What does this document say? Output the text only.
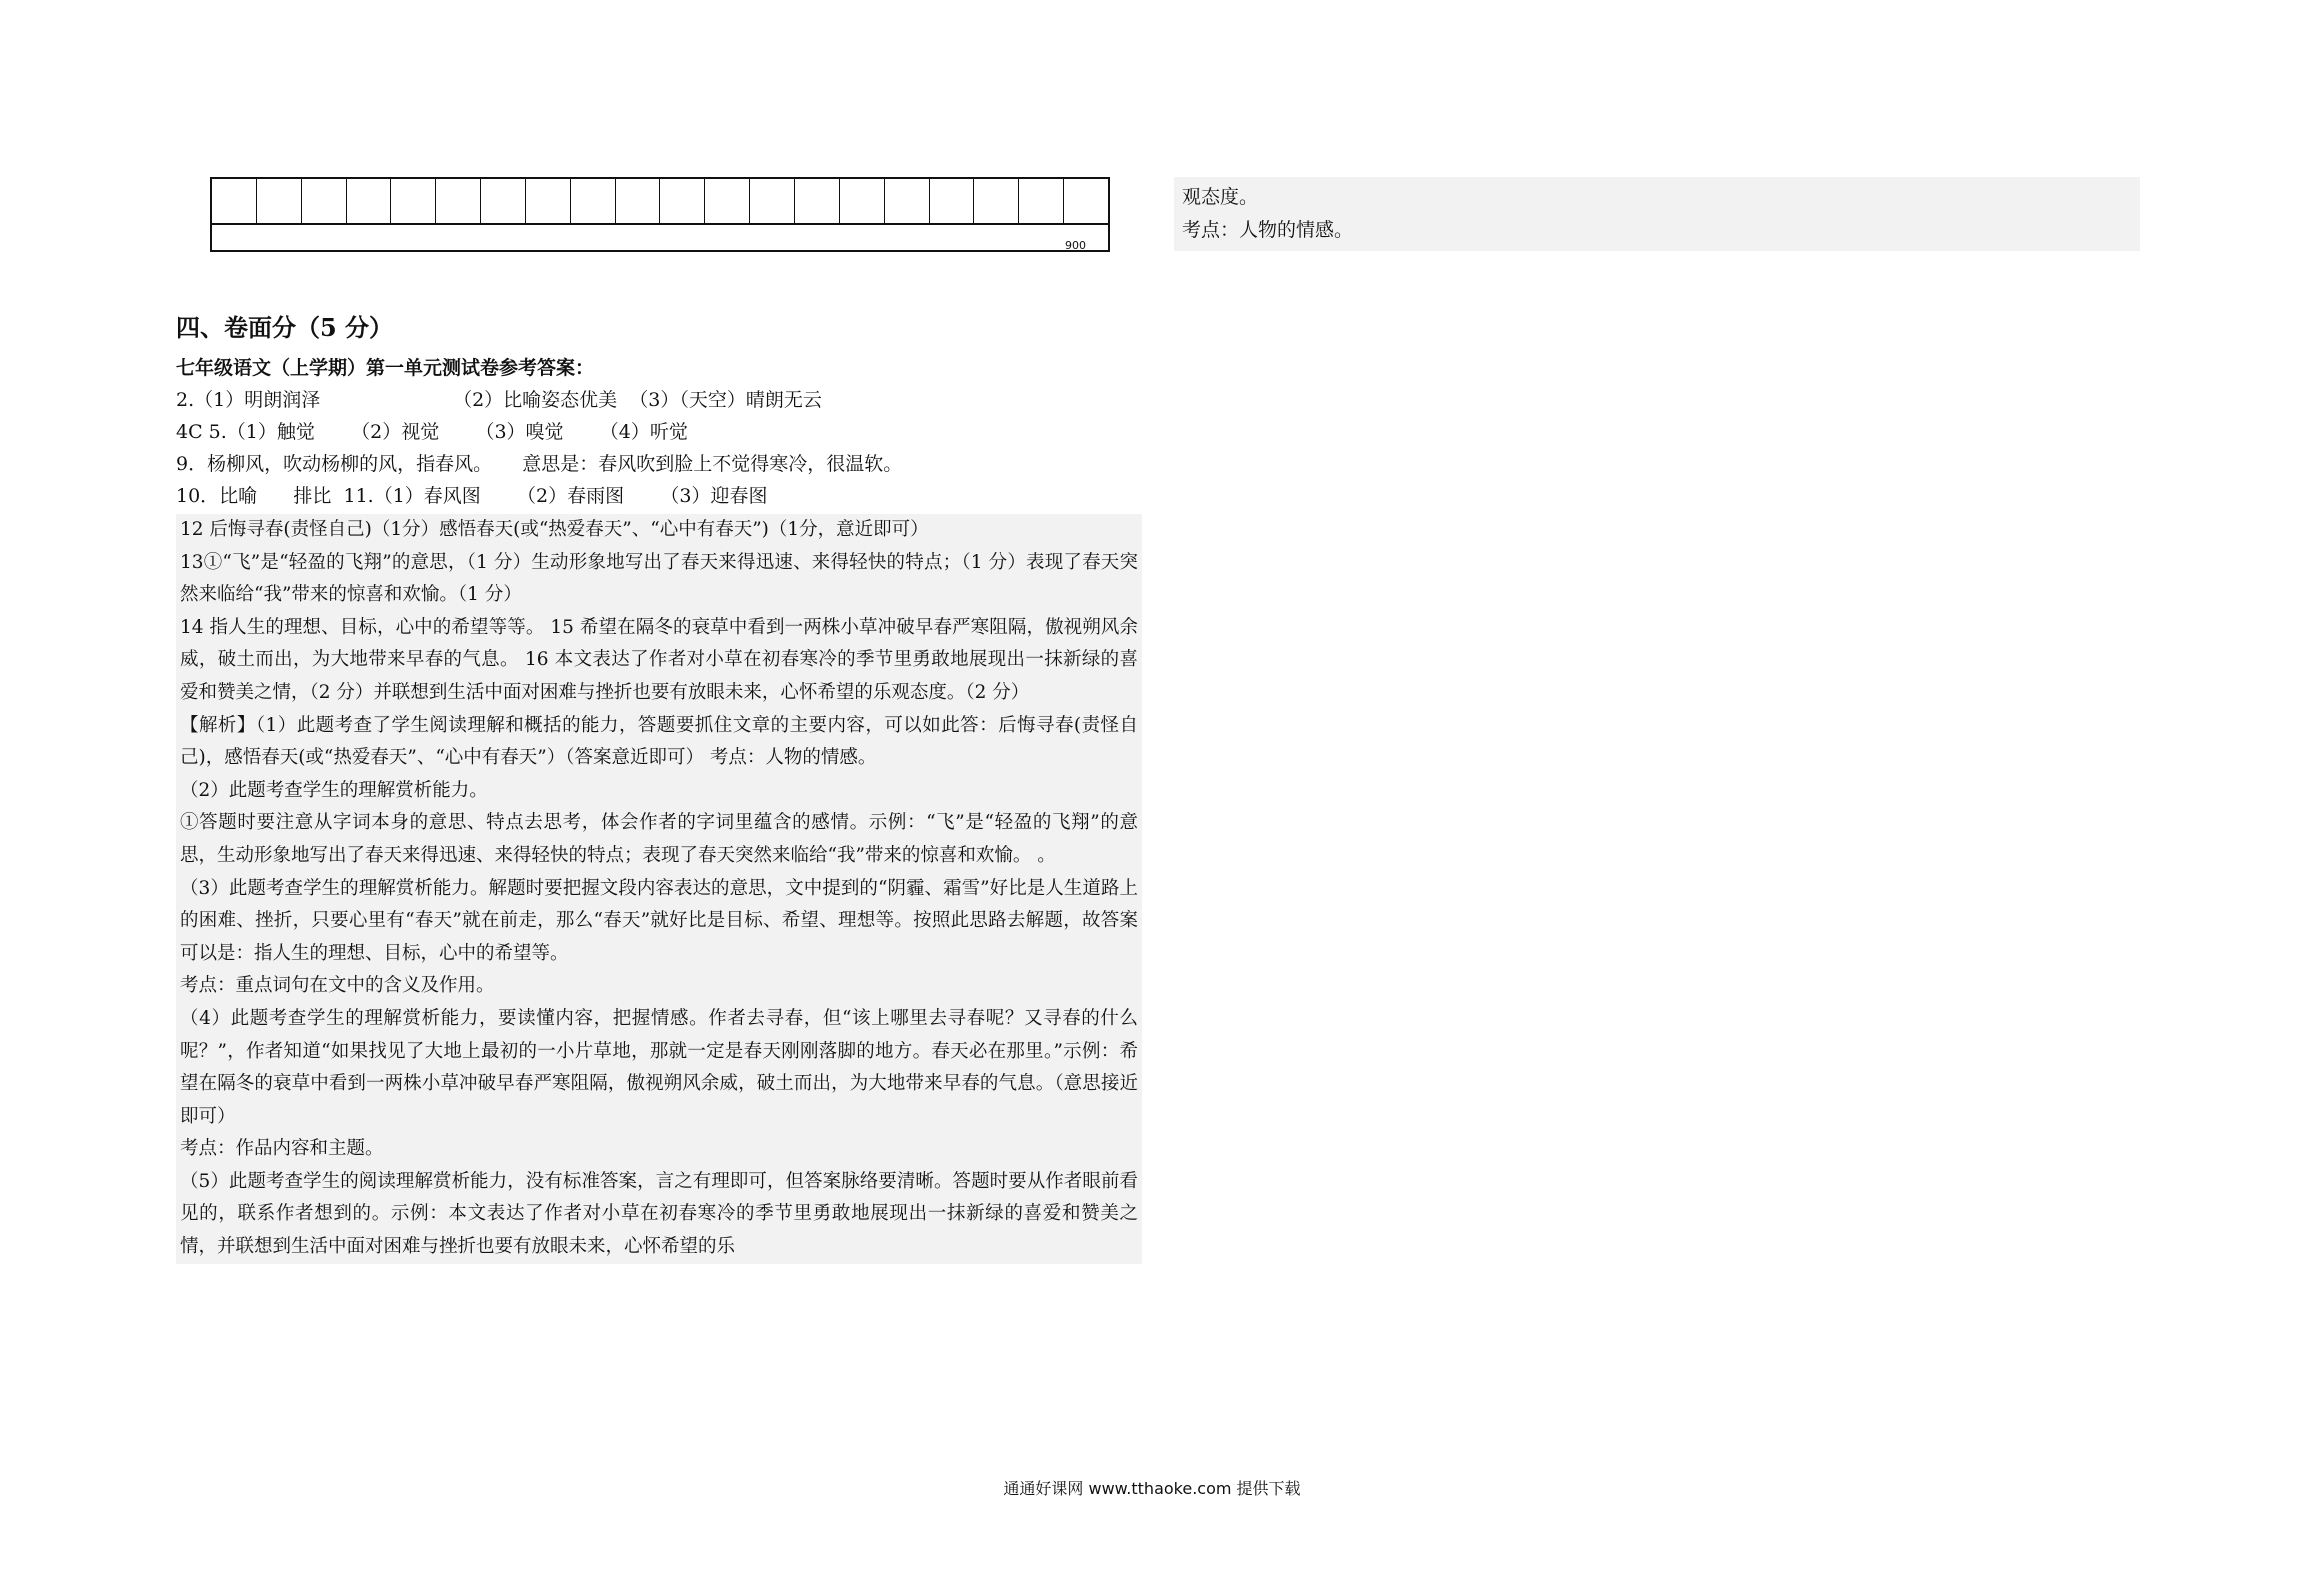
900
观态度。
考点：人物的情感。
四、卷面分（5 分）
七年级语文（上学期）第一单元测试卷参考答案：

2.（1）明朗润泽                      （2）比喻姿态优美  （3）（天空）晴朗无云

4C 5.（1）触觉      （2）视觉      （3）嗅觉      （4）听觉

9．杨柳风，吹动杨柳的风，指春风。     意思是：春风吹到脸上不觉得寒冷，很温软。

10．比喻      排比  11.（1）春风图      （2）春雨图      （3）迎春图

12 后悔寻春(责怪自己)（1分）感悟春天(或“热爱春天”、“心中有春天”)（1分，意近即可）

13①“飞”是“轻盈的飞翔”的意思，（1 分）生动形象地写出了春天来得迅速、来得轻快的特点；（1 分）表现了春天突然来临给“我”带来的惊喜和欢愉。（1 分）

14 指人生的理想、目标，心中的希望等等。 15 希望在隔冬的衰草中看到一两株小草冲破早春严寒阻隔，傲视朔风余威，破土而出，为大地带来早春的气息。 16 本文表达了作者对小草在初春寒冷的季节里勇敢地展现出一抹新绿的喜爱和赞美之情，（2 分）并联想到生活中面对困难与挫折也要有放眼未来，心怀希望的乐观态度。（2 分）

【解析】（1）此题考查了学生阅读理解和概括的能力，答题要抓住文章的主要内容，可以如此答：后悔寻春(责怪自己)，感悟春天(或“热爱春天”、“心中有春天”）（答案意近即可） 考点：人物的情感。

（2）此题考查学生的理解赏析能力。

①答题时要注意从字词本身的意思、特点去思考，体会作者的字词里蕴含的感情。示例：“飞”是“轻盈的飞翔”的意思，生动形象地写出了春天来得迅速、来得轻快的特点；表现了春天突然来临给“我”带来的惊喜和欢愉。 。

（3）此题考查学生的理解赏析能力。解题时要把握文段内容表达的意思，文中提到的“阴霾、霜雪”好比是人生道路上的困难、挫折，只要心里有“春天”就在前走，那么“春天”就好比是目标、希望、理想等。按照此思路去解题，故答案可以是：指人生的理想、目标，心中的希望等。

考点：重点词句在文中的含义及作用。

（4）此题考查学生的理解赏析能力，要读懂内容，把握情感。作者去寻春，但“该上哪里去寻春呢？又寻春的什么呢？”，作者知道“如果找见了大地上最初的一小片草地，那就一定是春天刚刚落脚的地方。春天必在那里。”示例：希望在隔冬的衰草中看到一两株小草冲破早春严寒阻隔，傲视朔风余威，破土而出，为大地带来早春的气息。（意思接近即可）

考点：作品内容和主题。

（5）此题考查学生的阅读理解赏析能力，没有标准答案，言之有理即可，但答案脉络要清晰。答题时要从作者眼前看见的，联系作者想到的。示例：本文表达了作者对小草在初春寒冷的季节里勇敢地展现出一抹新绿的喜爱和赞美之情，并联想到生活中面对困难与挫折也要有放眼未来，心怀希望的乐

通通好课网 www.tthaoke.com 提供下载
